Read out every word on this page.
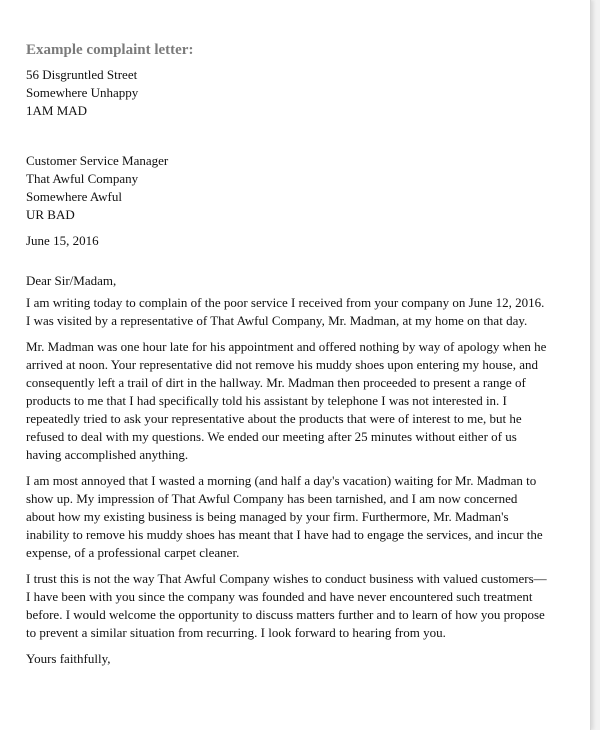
Example complaint letter:
56 Disgruntled Street
Somewhere Unhappy
1AM MAD
Customer Service Manager
That Awful Company
Somewhere Awful
UR BAD
June 15, 2016
Dear Sir/Madam,
I am writing today to complain of the poor service I received from your company on June 12, 2016.
I was visited by a representative of That Awful Company, Mr. Madman, at my home on that day.
Mr. Madman was one hour late for his appointment and offered nothing by way of apology when he
arrived at noon. Your representative did not remove his muddy shoes upon entering my house, and
consequently left a trail of dirt in the hallway. Mr. Madman then proceeded to present a range of
products to me that I had specifically told his assistant by telephone I was not interested in. I
repeatedly tried to ask your representative about the products that were of interest to me, but he
refused to deal with my questions. We ended our meeting after 25 minutes without either of us
having accomplished anything.
I am most annoyed that I wasted a morning (and half a day's vacation) waiting for Mr. Madman to
show up. My impression of That Awful Company has been tarnished, and I am now concerned
about how my existing business is being managed by your firm. Furthermore, Mr. Madman's
inability to remove his muddy shoes has meant that I have had to engage the services, and incur the
expense, of a professional carpet cleaner.
I trust this is not the way That Awful Company wishes to conduct business with valued customers—
I have been with you since the company was founded and have never encountered such treatment
before. I would welcome the opportunity to discuss matters further and to learn of how you propose
to prevent a similar situation from recurring. I look forward to hearing from you.
Yours faithfully,
